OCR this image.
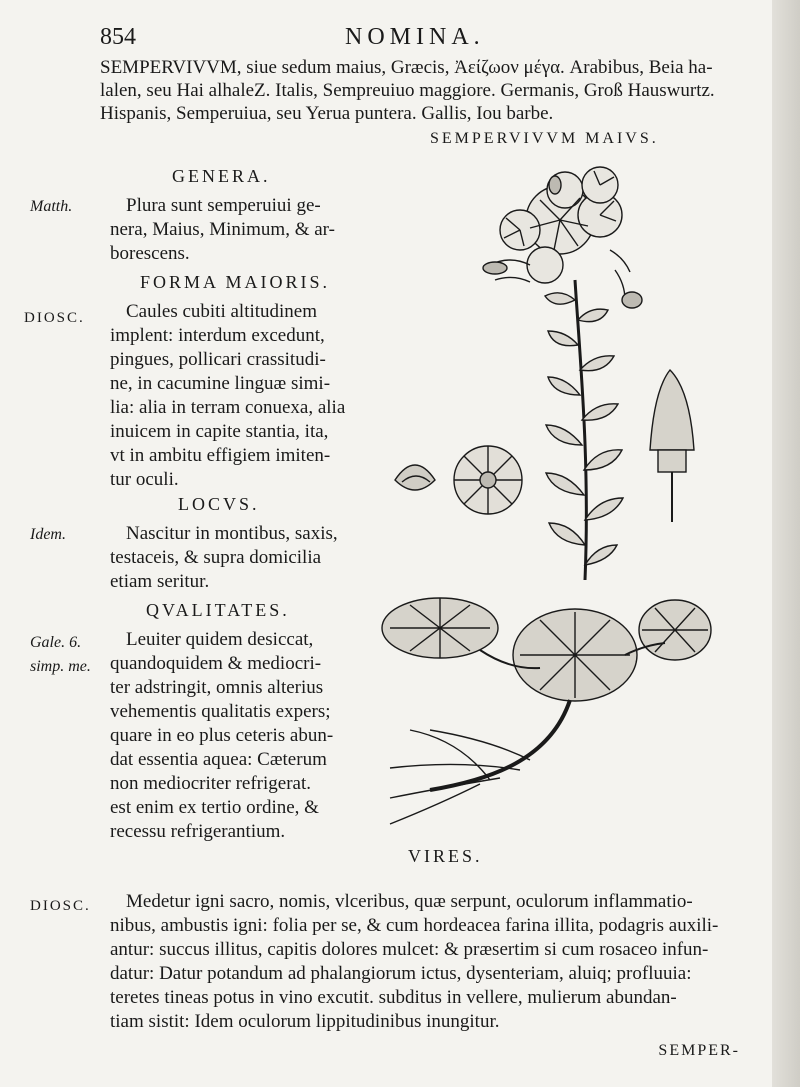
854	NOMINA.
SEMPERVIVVM, siue sedum maius, Græcis, Ἀείζωον μέγα. Arabibus, Beia ha-
lalen, seu Hai alhaleZ. Italis, Sempreuiuo maggiore. Germanis, Groß Hauswurtz.
Hispanis, Semperuiua, seu Yerua puntera. Gallis, Iou barbe.
SEMPERVIVVM MAIVS.
GENERA.
Matth.	Plura sunt semperuiui ge-
nera, Maius, Minimum, & ar-
borescens.
FORMA MAIORIS.
DIOSC.	Caules cubiti altitudinem
implent: interdum excedunt,
pingues, pollicari crassitudi-
ne, in cacumine linguæ simi-
lia: alia in terram conuexa, alia
inuicem in capite stantia, ita,
vt in ambitu effigiem imiten-
tur oculi.
LOCVS.
Idem.	Nascitur in montibus, saxis,
testaceis, & supra domicilia
etiam seritur.
QVALITATES.
Gale. 6.
simp. me.
Leuiter quidem desiccat,
quandoquidem & mediocri-
ter adstringit, omnis alterius
vehementis qualitatis expers;
quare in eo plus ceteris abun-
dat essentia aquea: Cæterum
non mediocriter refrigerat.
est enim ex tertio ordine, &
recessu refrigerantium.
VIRES.
DIOSC.	Medetur igni sacro, nomis, vlceribus, quæ serpunt, oculorum inflammatio-
nibus, ambustis igni: folia per se, & cum hordeacea farina illita, podagris auxili-
antur: succus illitus, capitis dolores mulcet: & præsertim si cum rosaceo infun-
datur: Datur potandum ad phalangiorum ictus, dysenteriam, aluiq; profluuia:
teretes tineas potus in vino excutit. subditus in vellere, mulierum abundan-
tiam sistit: Idem oculorum lippitudinibus inungitur.
SEMPER-
